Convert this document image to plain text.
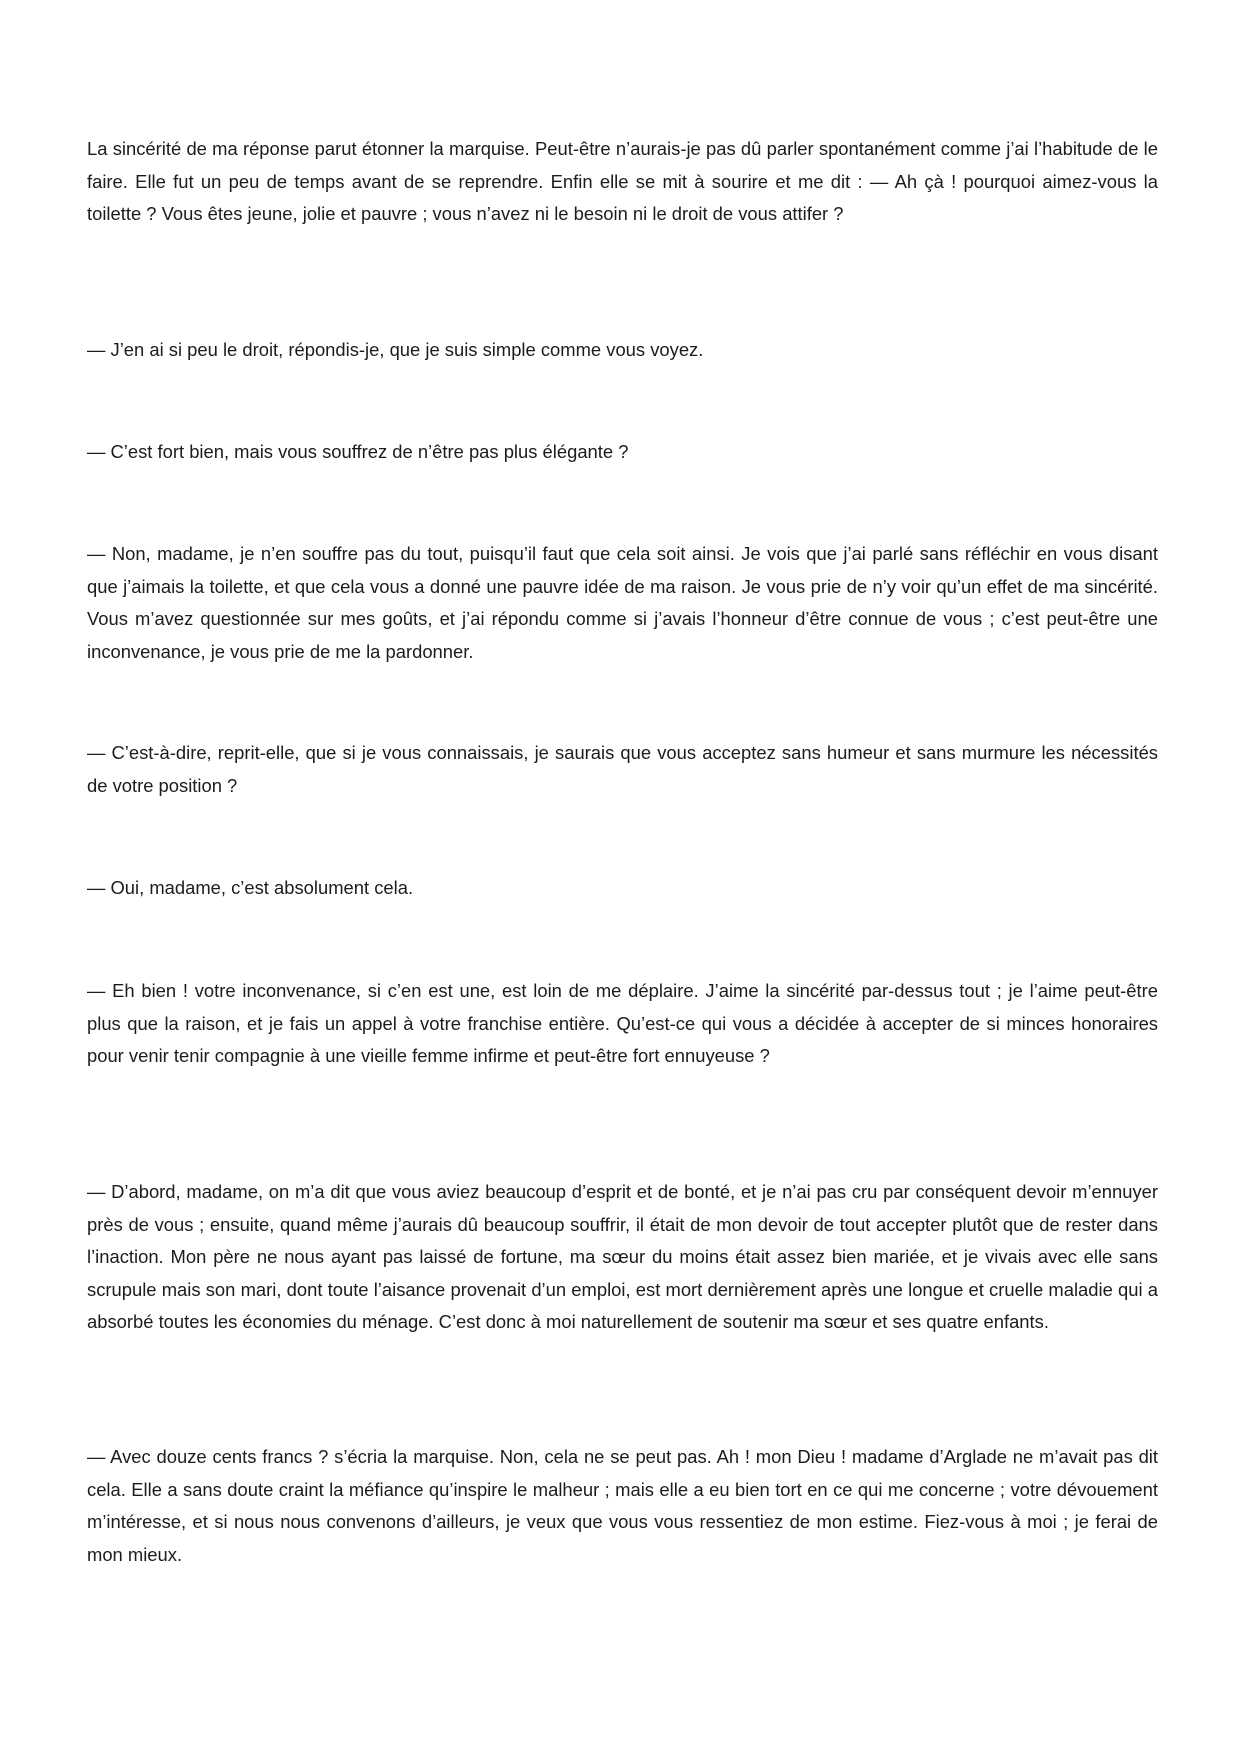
La sincérité de ma réponse parut étonner la marquise. Peut-être n’aurais-je pas dû parler spontanément comme j’ai l’habitude de le faire. Elle fut un peu de temps avant de se reprendre. Enfin elle se mit à sourire et me dit : — Ah çà ! pourquoi aimez-vous la toilette ? Vous êtes jeune, jolie et pauvre ; vous n’avez ni le besoin ni le droit de vous attifer ?

— J’en ai si peu le droit, répondis-je, que je suis simple comme vous voyez.

— C’est fort bien, mais vous souffrez de n’être pas plus élégante ?

— Non, madame, je n’en souffre pas du tout, puisqu’il faut que cela soit ainsi. Je vois que j’ai parlé sans réfléchir en vous disant que j’aimais la toilette, et que cela vous a donné une pauvre idée de ma raison. Je vous prie de n’y voir qu’un effet de ma sincérité. Vous m’avez questionnée sur mes goûts, et j’ai répondu comme si j’avais l’honneur d’être connue de vous ; c’est peut-être une inconvenance, je vous prie de me la pardonner.

— C’est-à-dire, reprit-elle, que si je vous connaissais, je saurais que vous acceptez sans humeur et sans murmure les nécessités de votre position ?

— Oui, madame, c’est absolument cela.

— Eh bien ! votre inconvenance, si c’en est une, est loin de me déplaire. J’aime la sincérité par-dessus tout ; je l’aime peut-être plus que la raison, et je fais un appel à votre franchise entière. Qu’est-ce qui vous a décidée à accepter de si minces honoraires pour venir tenir compagnie à une vieille femme infirme et peut-être fort ennuyeuse ?

— D’abord, madame, on m’a dit que vous aviez beaucoup d’esprit et de bonté, et je n’ai pas cru par conséquent devoir m’ennuyer près de vous ; ensuite, quand même j’aurais dû beaucoup souffrir, il était de mon devoir de tout accepter plutôt que de rester dans l’inaction. Mon père ne nous ayant pas laissé de fortune, ma sœur du moins était assez bien mariée, et je vivais avec elle sans scrupule mais son mari, dont toute l’aisance provenait d’un emploi, est mort dernièrement après une longue et cruelle maladie qui a absorbé toutes les économies du ménage. C’est donc à moi naturellement de soutenir ma sœur et ses quatre enfants.

— Avec douze cents francs ? s’écria la marquise. Non, cela ne se peut pas. Ah ! mon Dieu ! madame d’Arglade ne m’avait pas dit cela. Elle a sans doute craint la méfiance qu’inspire le malheur ; mais elle a eu bien tort en ce qui me concerne ; votre dévouement m’intéresse, et si nous nous convenons d’ailleurs, je veux que vous vous ressentiez de mon estime. Fiez-vous à moi ; je ferai de mon mieux.
